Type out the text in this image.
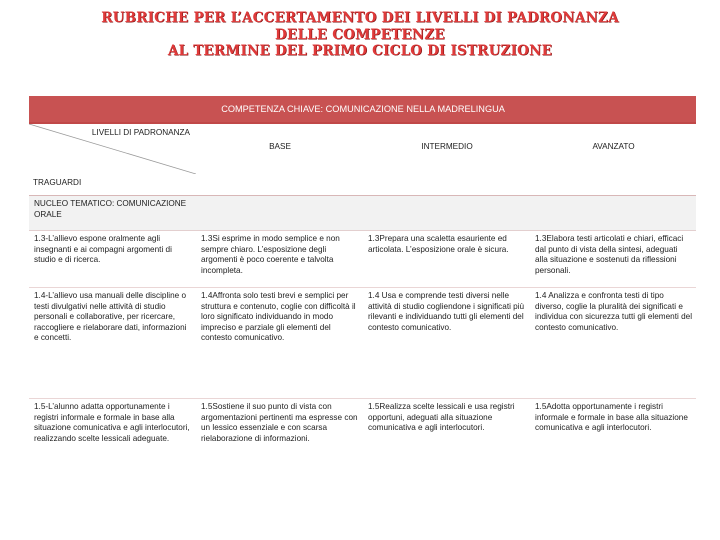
RUBRICHE PER L’ACCERTAMENTO DEI LIVELLI DI PADRONANZA
DELLE COMPETENZE
AL TERMINE DEL PRIMO CICLO DI ISTRUZIONE
COMPETENZA CHIAVE: COMUNICAZIONE NELLA MADRELINGUA			

LIVELLI DI PADRONANZA
TRAGUARDI	BASE	INTERMEDIO	AVANZATO
NUCLEO TEMATICO: COMUNICAZIONE ORALE			
1.3-L’allievo espone oralmente agli insegnanti e ai compagni argomenti di studio e di ricerca.	1.3Si esprime in modo semplice e non sempre chiaro. L’esposizione degli argomenti è poco coerente e talvolta incompleta.	1.3Prepara una scaletta esauriente ed articolata. L’esposizione orale è sicura.	1.3Elabora testi articolati e chiari, efficaci dal punto di vista della sintesi, adeguati alla situazione e sostenuti da riflessioni personali.
1.4-L’allievo usa manuali delle discipline o testi divulgativi nelle attività di studio personali e collaborative, per ricercare, raccogliere e rielaborare dati, informazioni e concetti.	1.4Affronta solo testi brevi e semplici per struttura e contenuto, coglie con difficoltà il loro significato individuando in modo impreciso e parziale gli elementi del contesto comunicativo.	1.4 Usa e comprende testi diversi nelle attività di studio cogliendone i significati più rilevanti e individuando tutti gli elementi del contesto comunicativo.	1.4 Analizza e confronta testi di tipo diverso, coglie la pluralità dei significati e individua con sicurezza tutti gli elementi del contesto comunicativo.
1.5-L’alunno adatta opportunamente i registri informale e formale in base alla situazione comunicativa e agli interlocutori, realizzando scelte lessicali adeguate.	1.5Sostiene il suo punto di vista con argomentazioni pertinenti ma espresse con un lessico essenziale e con scarsa rielaborazione di informazioni.	1.5Realizza scelte lessicali e usa registri opportuni, adeguati alla situazione comunicativa e agli interlocutori.	1.5Adotta opportunamente i registri informale e formale in base alla situazione comunicativa e agli interlocutori.
